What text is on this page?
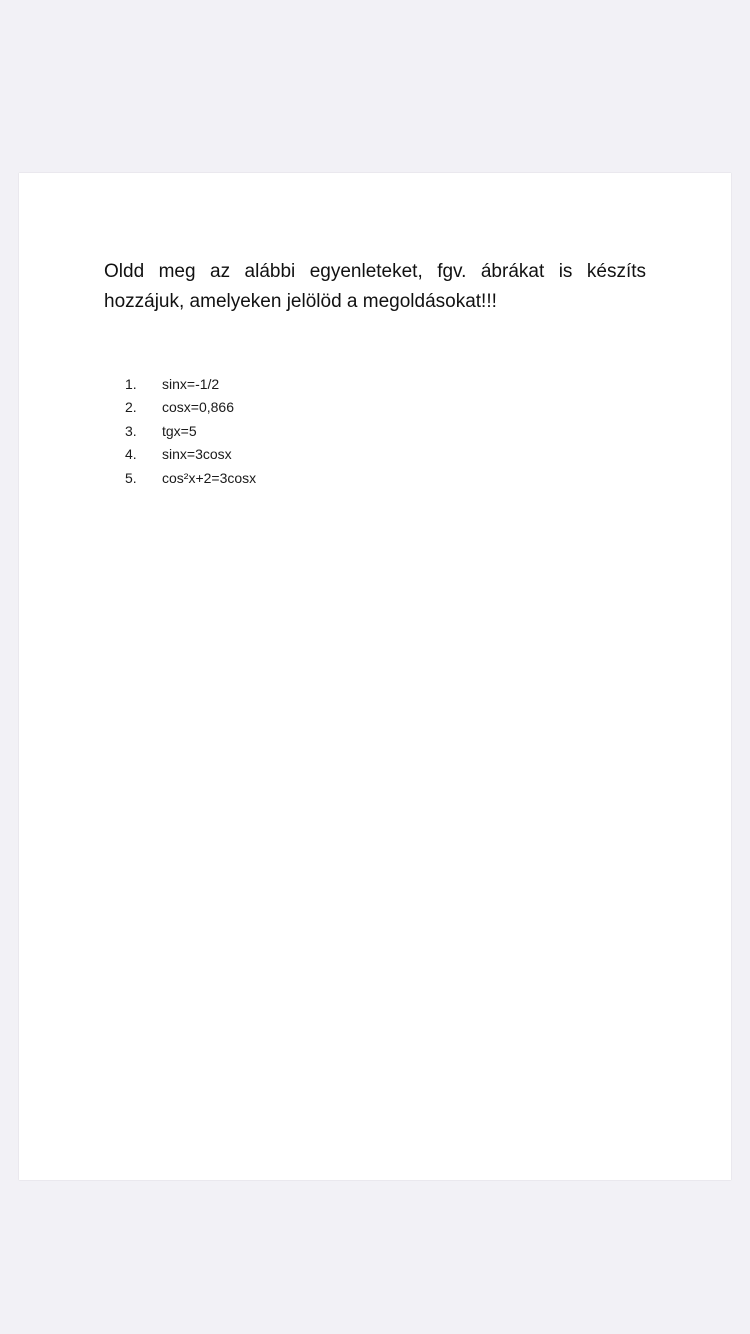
Oldd meg az alábbi egyenleteket, fgv. ábrákat is készíts hozzájuk, amelyeken jelölöd a megoldásokat!!!

1.	sinx=-1/2
2.	cosx=0,866
3.	tgx=5
4.	sinx=3cosx
5.	cos²x+2=3cosx
